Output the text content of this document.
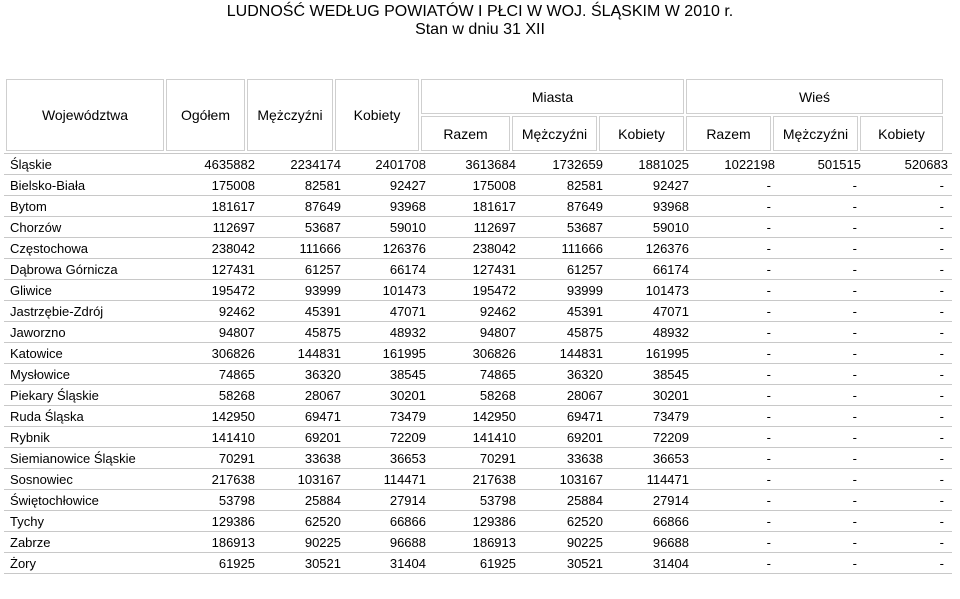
LUDNOŚĆ WEDŁUG POWIATÓW I PŁCI W WOJ. ŚLĄSKIM W 2010 r.
Stan w dniu 31 XII
Województwa	Ogółem	Mężczyźni	Kobiety	Miasta			Wieś		
				Razem	Mężczyźni	Kobiety	Razem	Mężczyźni	Kobiety
Śląskie	4635882	2234174	2401708	3613684	1732659	1881025	1022198	501515	520683
Bielsko-Biała	175008	82581	92427	175008	82581	92427	-	-	-
Bytom	181617	87649	93968	181617	87649	93968	-	-	-
Chorzów	112697	53687	59010	112697	53687	59010	-	-	-
Częstochowa	238042	111666	126376	238042	111666	126376	-	-	-
Dąbrowa Górnicza	127431	61257	66174	127431	61257	66174	-	-	-
Gliwice	195472	93999	101473	195472	93999	101473	-	-	-
Jastrzębie-Zdrój	92462	45391	47071	92462	45391	47071	-	-	-
Jaworzno	94807	45875	48932	94807	45875	48932	-	-	-
Katowice	306826	144831	161995	306826	144831	161995	-	-	-
Mysłowice	74865	36320	38545	74865	36320	38545	-	-	-
Piekary Śląskie	58268	28067	30201	58268	28067	30201	-	-	-
Ruda Śląska	142950	69471	73479	142950	69471	73479	-	-	-
Rybnik	141410	69201	72209	141410	69201	72209	-	-	-
Siemianowice Śląskie	70291	33638	36653	70291	33638	36653	-	-	-
Sosnowiec	217638	103167	114471	217638	103167	114471	-	-	-
Świętochłowice	53798	25884	27914	53798	25884	27914	-	-	-
Tychy	129386	62520	66866	129386	62520	66866	-	-	-
Zabrze	186913	90225	96688	186913	90225	96688	-	-	-
Żory	61925	30521	31404	61925	30521	31404	-	-	-
